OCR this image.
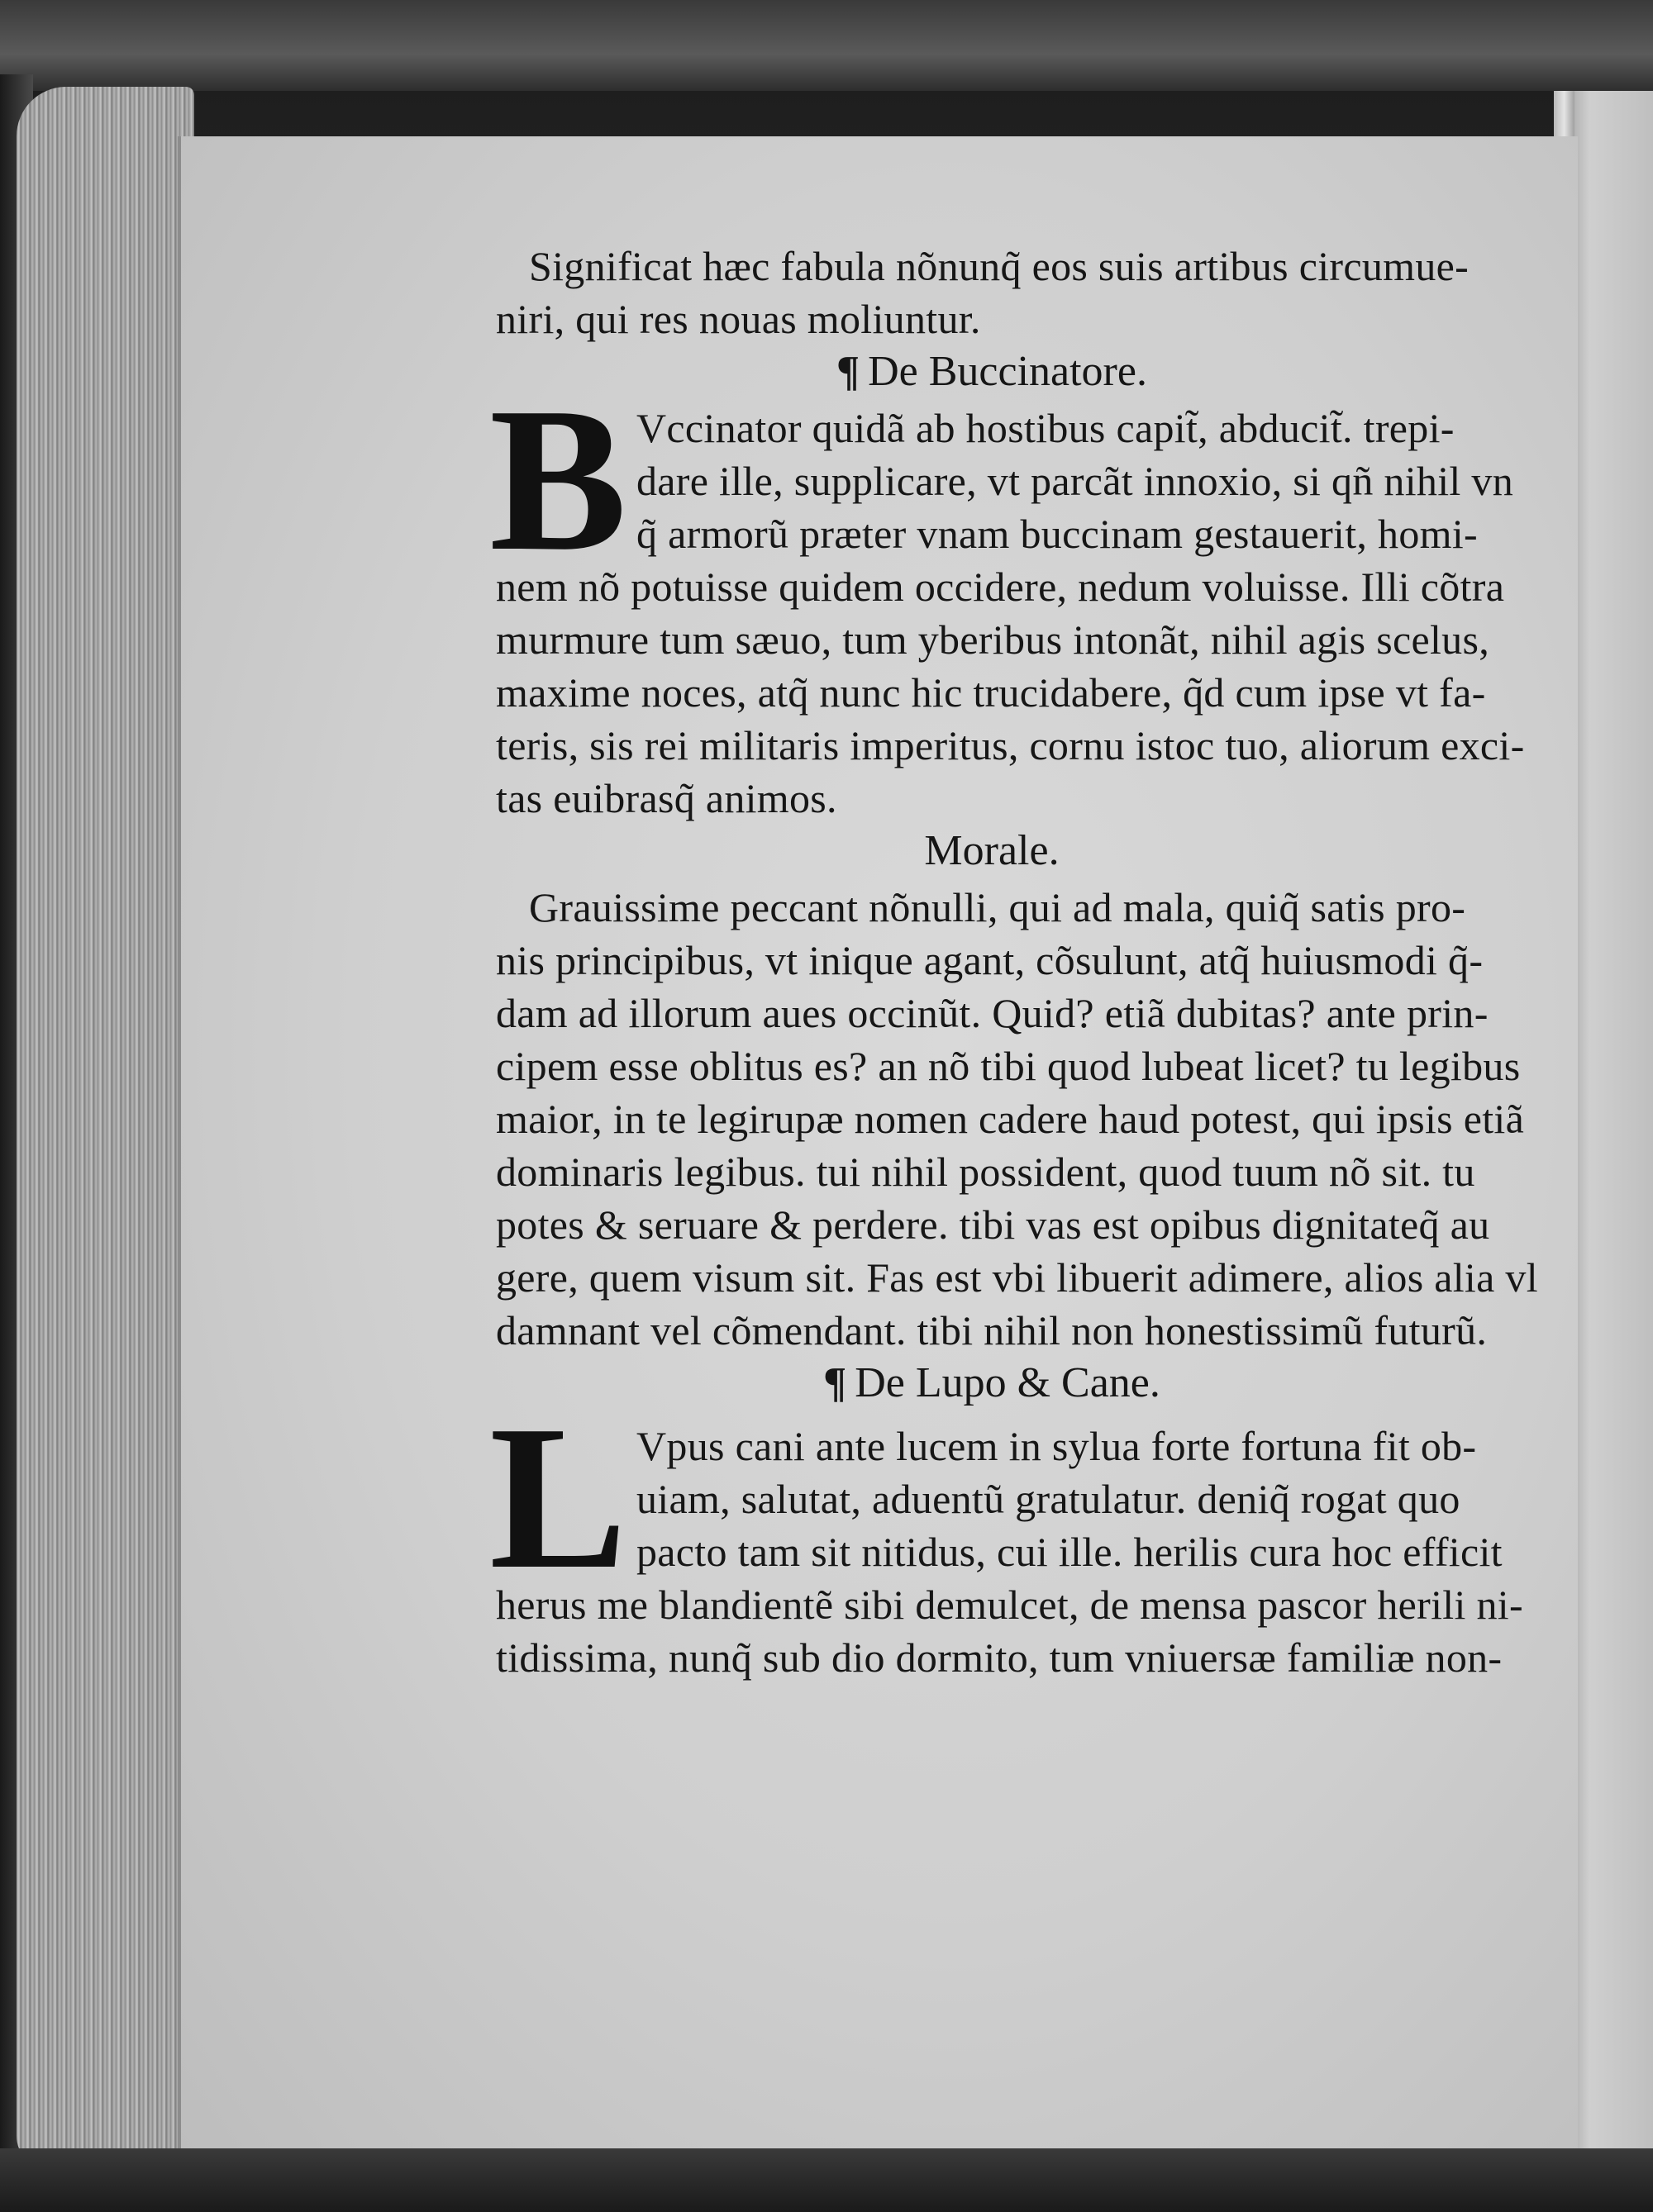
Significat hæc fabula nõnunq̃ eos suis artibus circumue-
niri, qui res nouas moliuntur.
¶ De Buccinatore.
B Vccinator quidã ab hostibus capit̃, abducit̃. trepi-
dare ille, supplicare, vt parcãt innoxio, si qñ nihil vn
q̃ armorũ præter vnam buccinam gestauerit, homi-
nem nõ potuisse quidem occidere, nedum voluisse. Illi cõtra
murmure tum sæuo, tum yberibus intonãt, nihil agis scelus,
maxime noces, atq̃ nunc hic trucidabere, q̃d cum ipse vt fa-
teris, sis rei militaris imperitus, cornu istoc tuo, aliorum exci-
tas euibrasq̃ animos.
Morale.
Grauissime peccant nõnulli, qui ad mala, quiq̃ satis pro-
nis principibus, vt inique agant, cõsulunt, atq̃ huiusmodi q̃-
dam ad illorum aues occinũt. Quid? etiã dubitas? ante prin-
cipem esse oblitus es? an nõ tibi quod lubeat licet? tu legibus
maior, in te legirupæ nomen cadere haud potest, qui ipsis etiã
dominaris legibus. tui nihil possident, quod tuum nõ sit. tu
potes & seruare & perdere. tibi vas est opibus dignitateq̃ au
gere, quem visum sit. Fas est vbi libuerit adimere, alios alia vl
damnant vel cõmendant. tibi nihil non honestissimũ futurũ.
¶ De Lupo & Cane.
L Vpus cani ante lucem in sylua forte fortuna fit ob-
uiam, salutat, aduentũ gratulatur. deniq̃ rogat quo
pacto tam sit nitidus, cui ille. herilis cura hoc efficit
herus me blandientẽ sibi demulcet, de mensa pascor herili ni-
tidissima, nunq̃ sub dio dormito, tum vniuersæ familiæ non-
